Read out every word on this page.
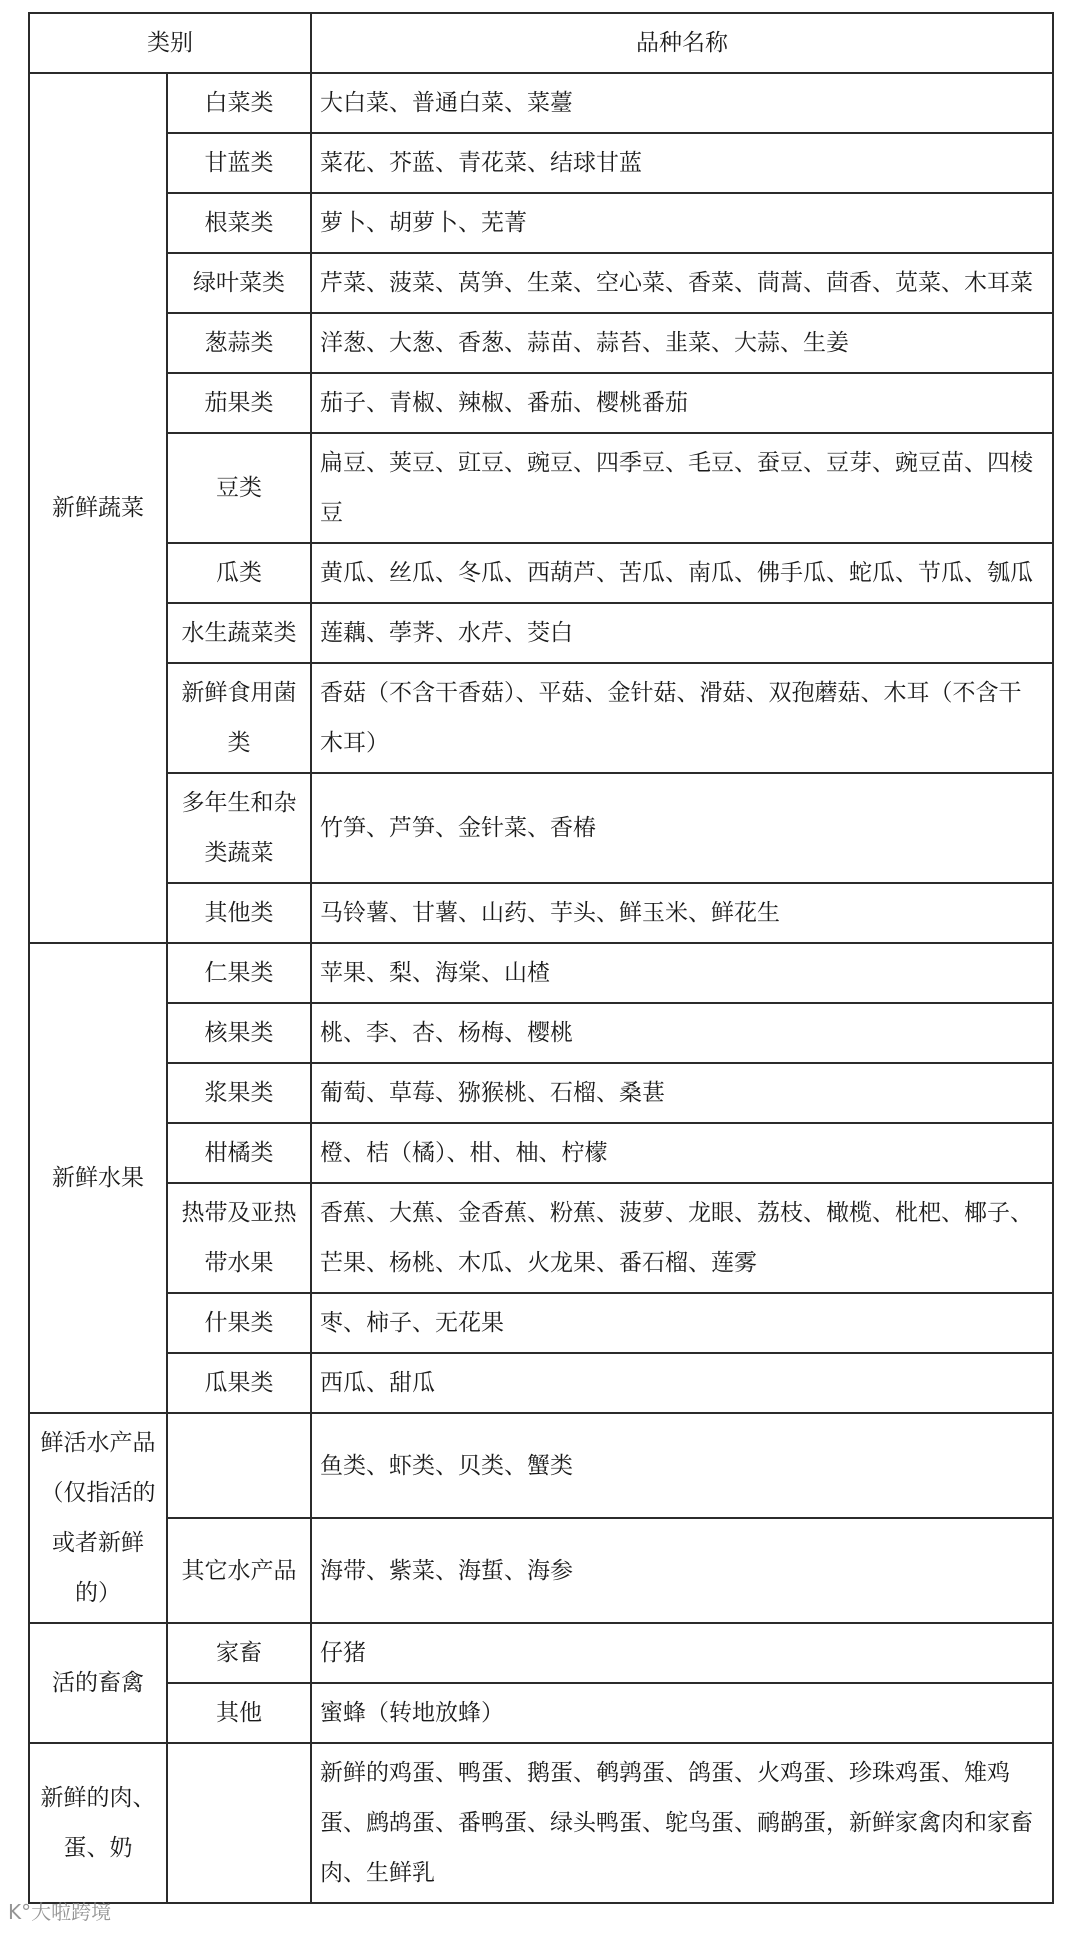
类别		品种名称
新鲜蔬菜	白菜类	大白菜、普通白菜、菜薹
	甘蓝类	菜花、芥蓝、青花菜、结球甘蓝
	根菜类	萝卜、胡萝卜、芜菁
	绿叶菜类	芹菜、菠菜、莴笋、生菜、空心菜、香菜、茼蒿、茴香、苋菜、木耳菜
	葱蒜类	洋葱、大葱、香葱、蒜苗、蒜苔、韭菜、大蒜、生姜
	茄果类	茄子、青椒、辣椒、番茄、樱桃番茄
	豆类	扁豆、荚豆、豇豆、豌豆、四季豆、毛豆、蚕豆、豆芽、豌豆苗、四棱豆
	瓜类	黄瓜、丝瓜、冬瓜、西葫芦、苦瓜、南瓜、佛手瓜、蛇瓜、节瓜、瓠瓜
	水生蔬菜类	莲藕、荸荠、水芹、茭白
	新鲜食用菌类	香菇（不含干香菇）、平菇、金针菇、滑菇、双孢蘑菇、木耳（不含干木耳）
	多年生和杂类蔬菜	竹笋、芦笋、金针菜、香椿
	其他类	马铃薯、甘薯、山药、芋头、鲜玉米、鲜花生
新鲜水果	仁果类	苹果、梨、海棠、山楂
	核果类	桃、李、杏、杨梅、樱桃
	浆果类	葡萄、草莓、猕猴桃、石榴、桑葚
	柑橘类	橙、桔（橘）、柑、柚、柠檬
	热带及亚热带水果	香蕉、大蕉、金香蕉、粉蕉、菠萝、龙眼、荔枝、橄榄、枇杷、椰子、芒果、杨桃、木瓜、火龙果、番石榴、莲雾
	什果类	枣、柿子、无花果
	瓜果类	西瓜、甜瓜
鲜活水产品（仅指活的或者新鲜的）		鱼类、虾类、贝类、蟹类
	其它水产品	海带、紫菜、海蜇、海参
活的畜禽	家畜	仔猪
	其他	蜜蜂（转地放蜂）
新鲜的肉、蛋、奶		新鲜的鸡蛋、鸭蛋、鹅蛋、鹌鹑蛋、鸽蛋、火鸡蛋、珍珠鸡蛋、雉鸡蛋、鹧鸪蛋、番鸭蛋、绿头鸭蛋、鸵鸟蛋、鸸鹋蛋，新鲜家禽肉和家畜肉、生鲜乳
K°大啦跨境
